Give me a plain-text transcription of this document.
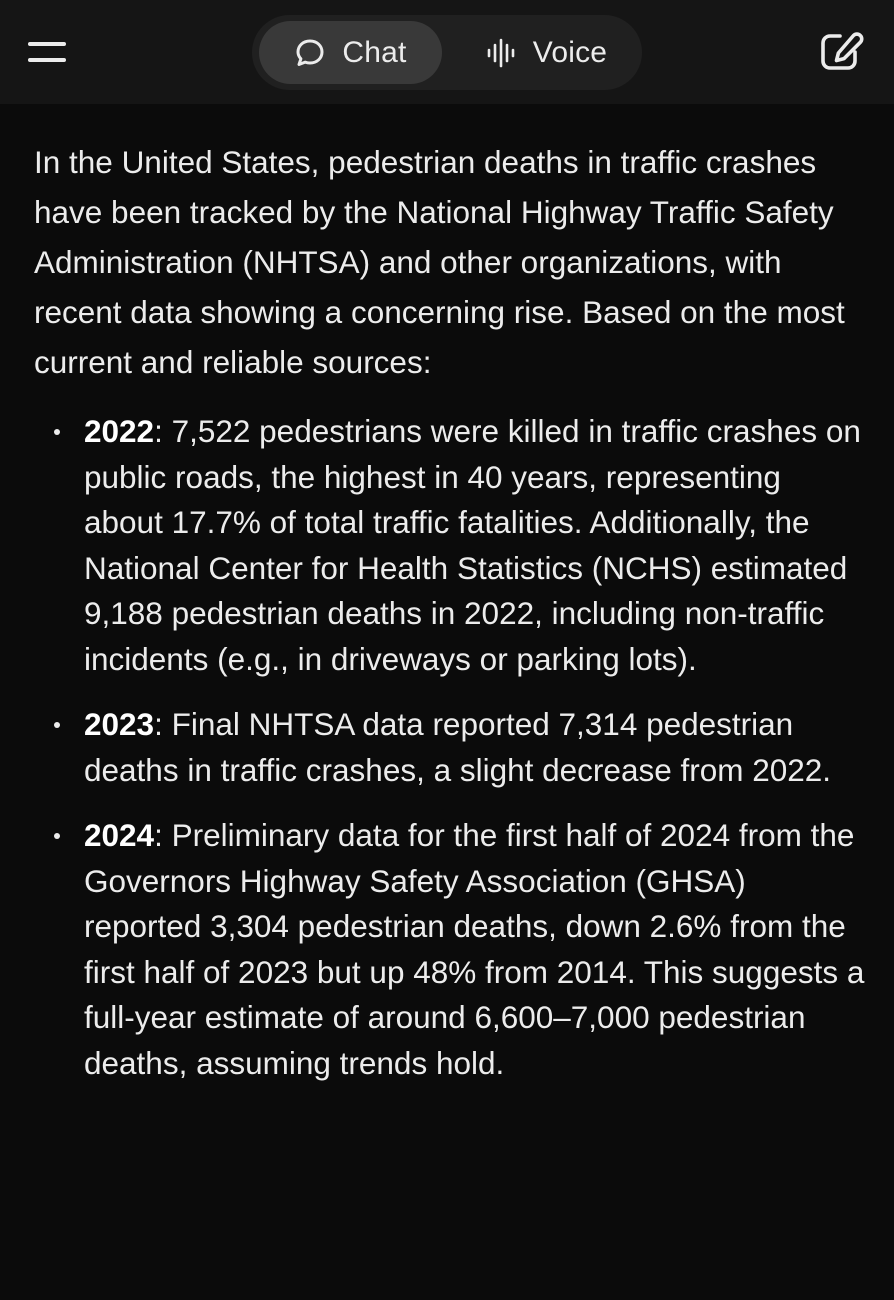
Chat	Voice

In the United States, pedestrian deaths in traffic crashes have been tracked by the National Highway Traffic Safety Administration (NHTSA) and other organizations, with recent data showing a concerning rise. Based on the most current and reliable sources:

2022: 7,522 pedestrians were killed in traffic crashes on public roads, the highest in 40 years, representing about 17.7% of total traffic fatalities. Additionally, the National Center for Health Statistics (NCHS) estimated 9,188 pedestrian deaths in 2022, including non-traffic incidents (e.g., in driveways or parking lots).
2023: Final NHTSA data reported 7,314 pedestrian deaths in traffic crashes, a slight decrease from 2022.
2024: Preliminary data for the first half of 2024 from the Governors Highway Safety Association (GHSA) reported 3,304 pedestrian deaths, down 2.6% from the first half of 2023 but up 48% from 2014. This suggests a full-year estimate of around 6,600–7,000 pedestrian deaths, assuming trends hold.
